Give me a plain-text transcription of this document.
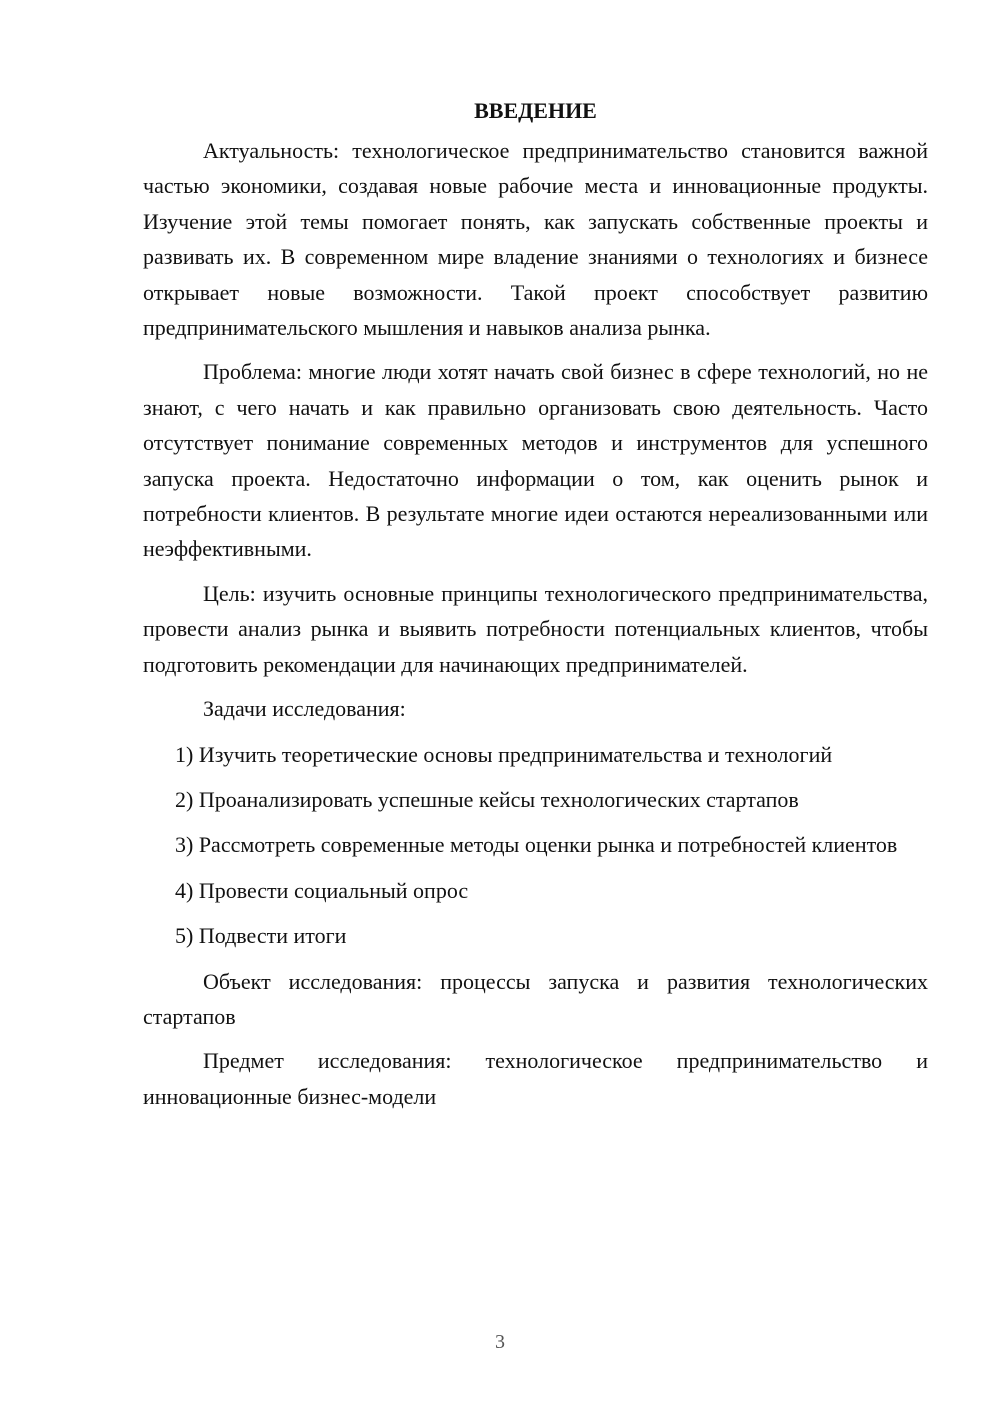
ВВЕДЕНИЕ

Актуальность: технологическое предпринимательство становится важной частью экономики, создавая новые рабочие места и инновационные продукты. Изучение этой темы помогает понять, как запускать собственные проекты и развивать их. В современном мире владение знаниями о технологиях и бизнесе открывает новые возможности. Такой проект способствует развитию предпринимательского мышления и навыков анализа рынка.

Проблема: многие люди хотят начать свой бизнес в сфере технологий, но не знают, с чего начать и как правильно организовать свою деятельность. Часто отсутствует понимание современных методов и инструментов для успешного запуска проекта. Недостаточно информации о том, как оценить рынок и потребности клиентов. В результате многие идеи остаются нереализованными или неэффективными.

Цель: изучить основные принципы технологического предпринимательства, провести анализ рынка и выявить потребности потенциальных клиентов, чтобы подготовить рекомендации для начинающих предпринимателей.

Задачи исследования:

1) Изучить теоретические основы предпринимательства и технологий

2) Проанализировать успешные кейсы технологических стартапов

3) Рассмотреть современные методы оценки рынка и потребностей клиентов

4) Провести социальный опрос

5) Подвести итоги

Объект исследования: процессы запуска и развития технологических стартапов

Предмет исследования: технологическое предпринимательство и инновационные бизнес-модели

3
